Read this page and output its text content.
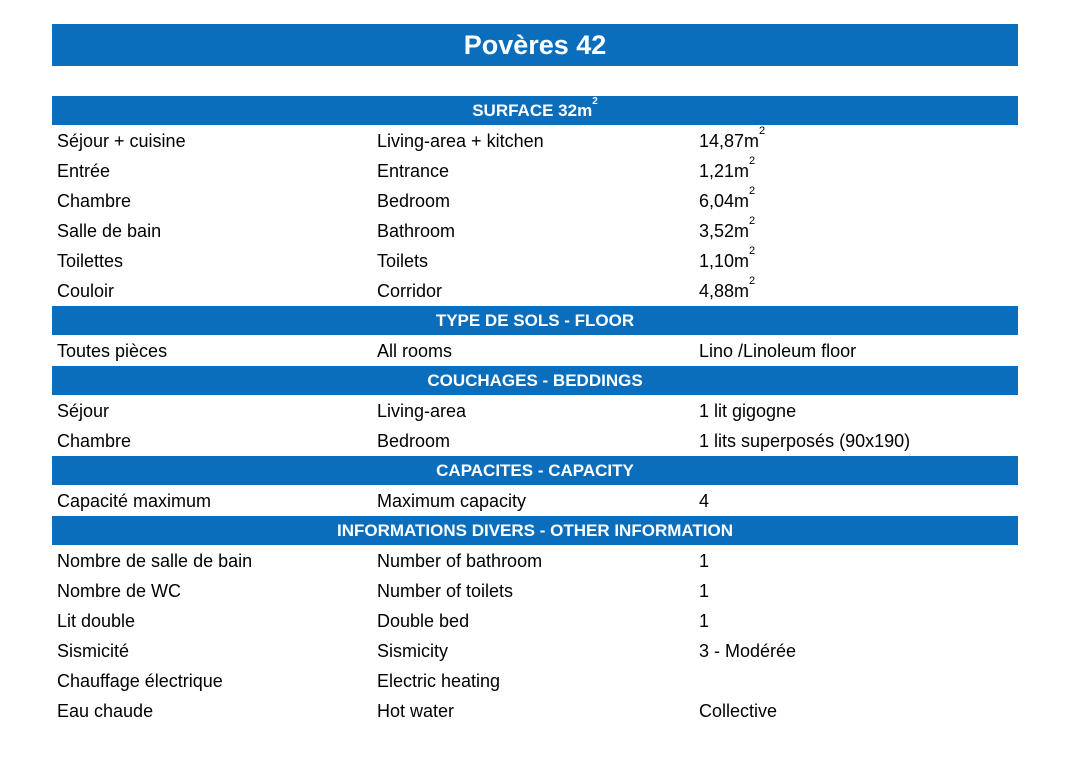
Povères 42
SURFACE $32m^2$
Séjour + cuisine	Living-area + kitchen	$14,87m^2$
Entrée	Entrance	$1,21m^2$
Chambre	Bedroom	$6,04m^2$
Salle de bain	Bathroom	$3,52m^2$
Toilettes	Toilets	$1,10m^2$
Couloir	Corridor	$4,88m^2$
TYPE DE SOLS - FLOOR
Toutes pièces	All rooms	Lino /Linoleum floor
COUCHAGES - BEDDINGS
Séjour	Living-area	1 lit gigogne
Chambre	Bedroom	1 lits superposés (90x190)
CAPACITES - CAPACITY
Capacité maximum	Maximum capacity	4
INFORMATIONS DIVERS - OTHER INFORMATION
Nombre de salle de bain	Number of bathroom	1
Nombre de WC	Number of toilets	1
Lit double	Double bed	1
Sismicité	Sismicity	3 - Modérée
Chauffage électrique	Electric heating
Eau chaude	Hot water	Collective
